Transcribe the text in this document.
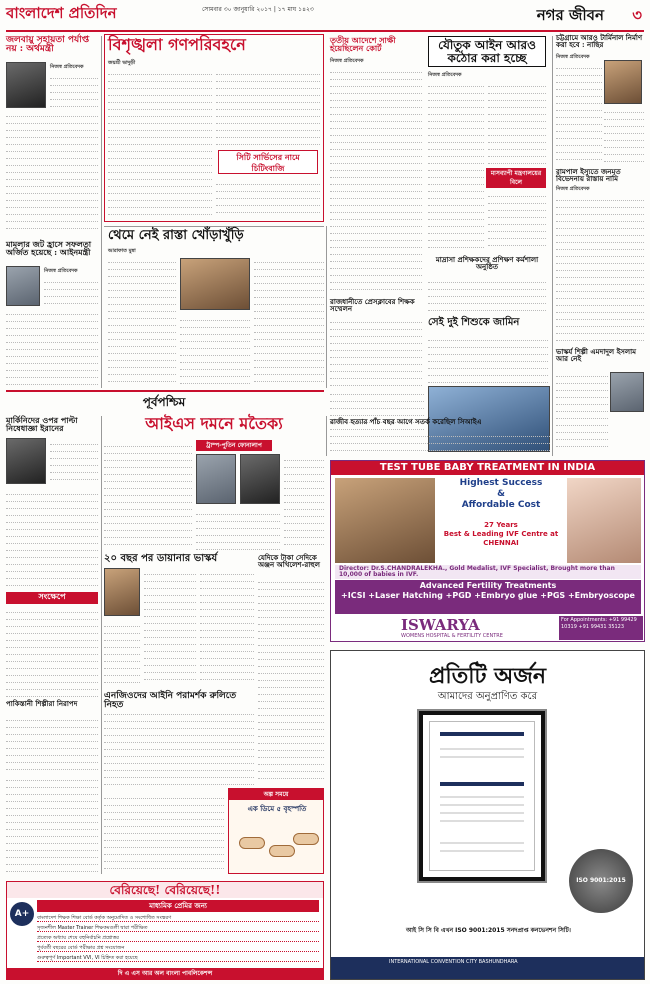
বাংলাদেশ প্রতিদিন	সোমবার ৩০ জানুয়ারি ২০১৭ | ১৭ মাঘ ১৪২৩	নগর জীবন ৩
জলবায়ু সহায়তা পর্যাপ্ত নয় : অর্থমন্ত্রী
নিজস্ব প্রতিবেদক
মামলার জট হ্রাসে সফলতা অর্জিত হয়েছে : আইনমন্ত্রী
নিজস্ব প্রতিবেদক
বিশৃঙ্খলা গণপরিবহনে
জয়শ্রী ভাদুড়ী
সিটি সার্ভিসের নামে চিটিংবাজি
তৃতীয় আদেশে সাক্ষী হয়েছিলেন কোর্ট
নিজস্ব প্রতিবেদক
যৌতুক আইন আরও কঠোর করা হচ্ছে
নিজস্ব প্রতিবেদক
মাসব্যাপী মন্ত্রণালয়ের বিলে
চট্টগ্রামে আরও টার্মিনাল নির্মাণ করা হবে : নাছির
নিজস্ব প্রতিবেদক
রামপাল ইস্যুতে জনমত বিভেদনায় রাস্তায় নামি
নিজস্ব প্রতিবেদক
ভাস্কর্য শিল্পী এমদাদুল ইসলাম আর নেই
থেমে নেই রাস্তা খোঁড়াখুঁড়ি
আরাফাত মুন্না
রাজধানীতে প্রেসক্লাবের শিক্ষক সম্মেলন
মাদ্রাসা প্রশিক্ষকদের প্রশিক্ষণ কর্মশালা অনুষ্ঠিত
সেই দুই শিশুকে জামিন
পূর্বপশ্চিম
মার্কিনিদের ওপর পাল্টা নিষেধাজ্ঞা ইরানের
সংক্ষেপে
পাকিস্তানী শিল্পীরা নিরাপদ
আইএস দমনে মতৈক্য
ট্রাম্প-পুতিন ফোনালাপ
২০ বছর পর ডায়ানার ভাস্কর্য	যেদিকে টাকা সেদিকে অঞ্জন অখিলেশ-রাহুল
এনজিওদের আইনি পরামর্শক রুলিতে নিহত
অল্প সময়ে
এক ডিমে ৫ বৃহস্পতি
রাজীব হত্যার পাঁচ বছর আগে সতর্ক করেছিল সিআইএ
TEST TUBE BABY TREATMENT IN INDIA
Highest Success
&
Affordable Cost
27 Years
Best & Leading IVF Centre at CHENNAI
Director: Dr.S.CHANDRALEKHA., Gold Medalist, IVF Specialist, Brought more than 10,000 of babies in IVF.
Advanced Fertility Treatments
+ICSI +Laser Hatching +PGD +Embryo glue +PGS +Embryoscope
ISWARYA
WOMENS HOSPITAL & FERTILITY CENTRE
For Appointments: +91 99429 10319 +91 99431 35123
প্রতিটি অর্জন
আমাদের অনুপ্রাণিত করে
ISO 9001:2015
আই সি সি বি এখন ISO 9001:2015 সনদপ্রাপ্ত কনভেনশন সিটি।
INTERNATIONAL CONVENTION CITY BASHUNDHARA
বেরিয়েছে! বেরিয়েছে!!
A+
মাধ্যমিক প্রেমির জন্য
বাংলাদেশ শিক্ষক শিক্ষা বোর্ড কর্তৃক অনুমোদিত ও সংশোধিত সংস্করণ
সৃজনশীল Master Trainer শিক্ষকমণ্ডলী দ্বারা পরীক্ষিত
প্রত্যেক অধ্যায় শেষে বহুনির্বাচনি প্রশ্নোত্তর
পূর্ববর্তী বছরের বোর্ড পরীক্ষার প্রশ্ন সংযোজন
গুরুত্বপূর্ণ Important VVI, VI চিহ্নিত করা হয়েছে
দি এ এস আর অল বাংলা পাবলিকেশন্স
